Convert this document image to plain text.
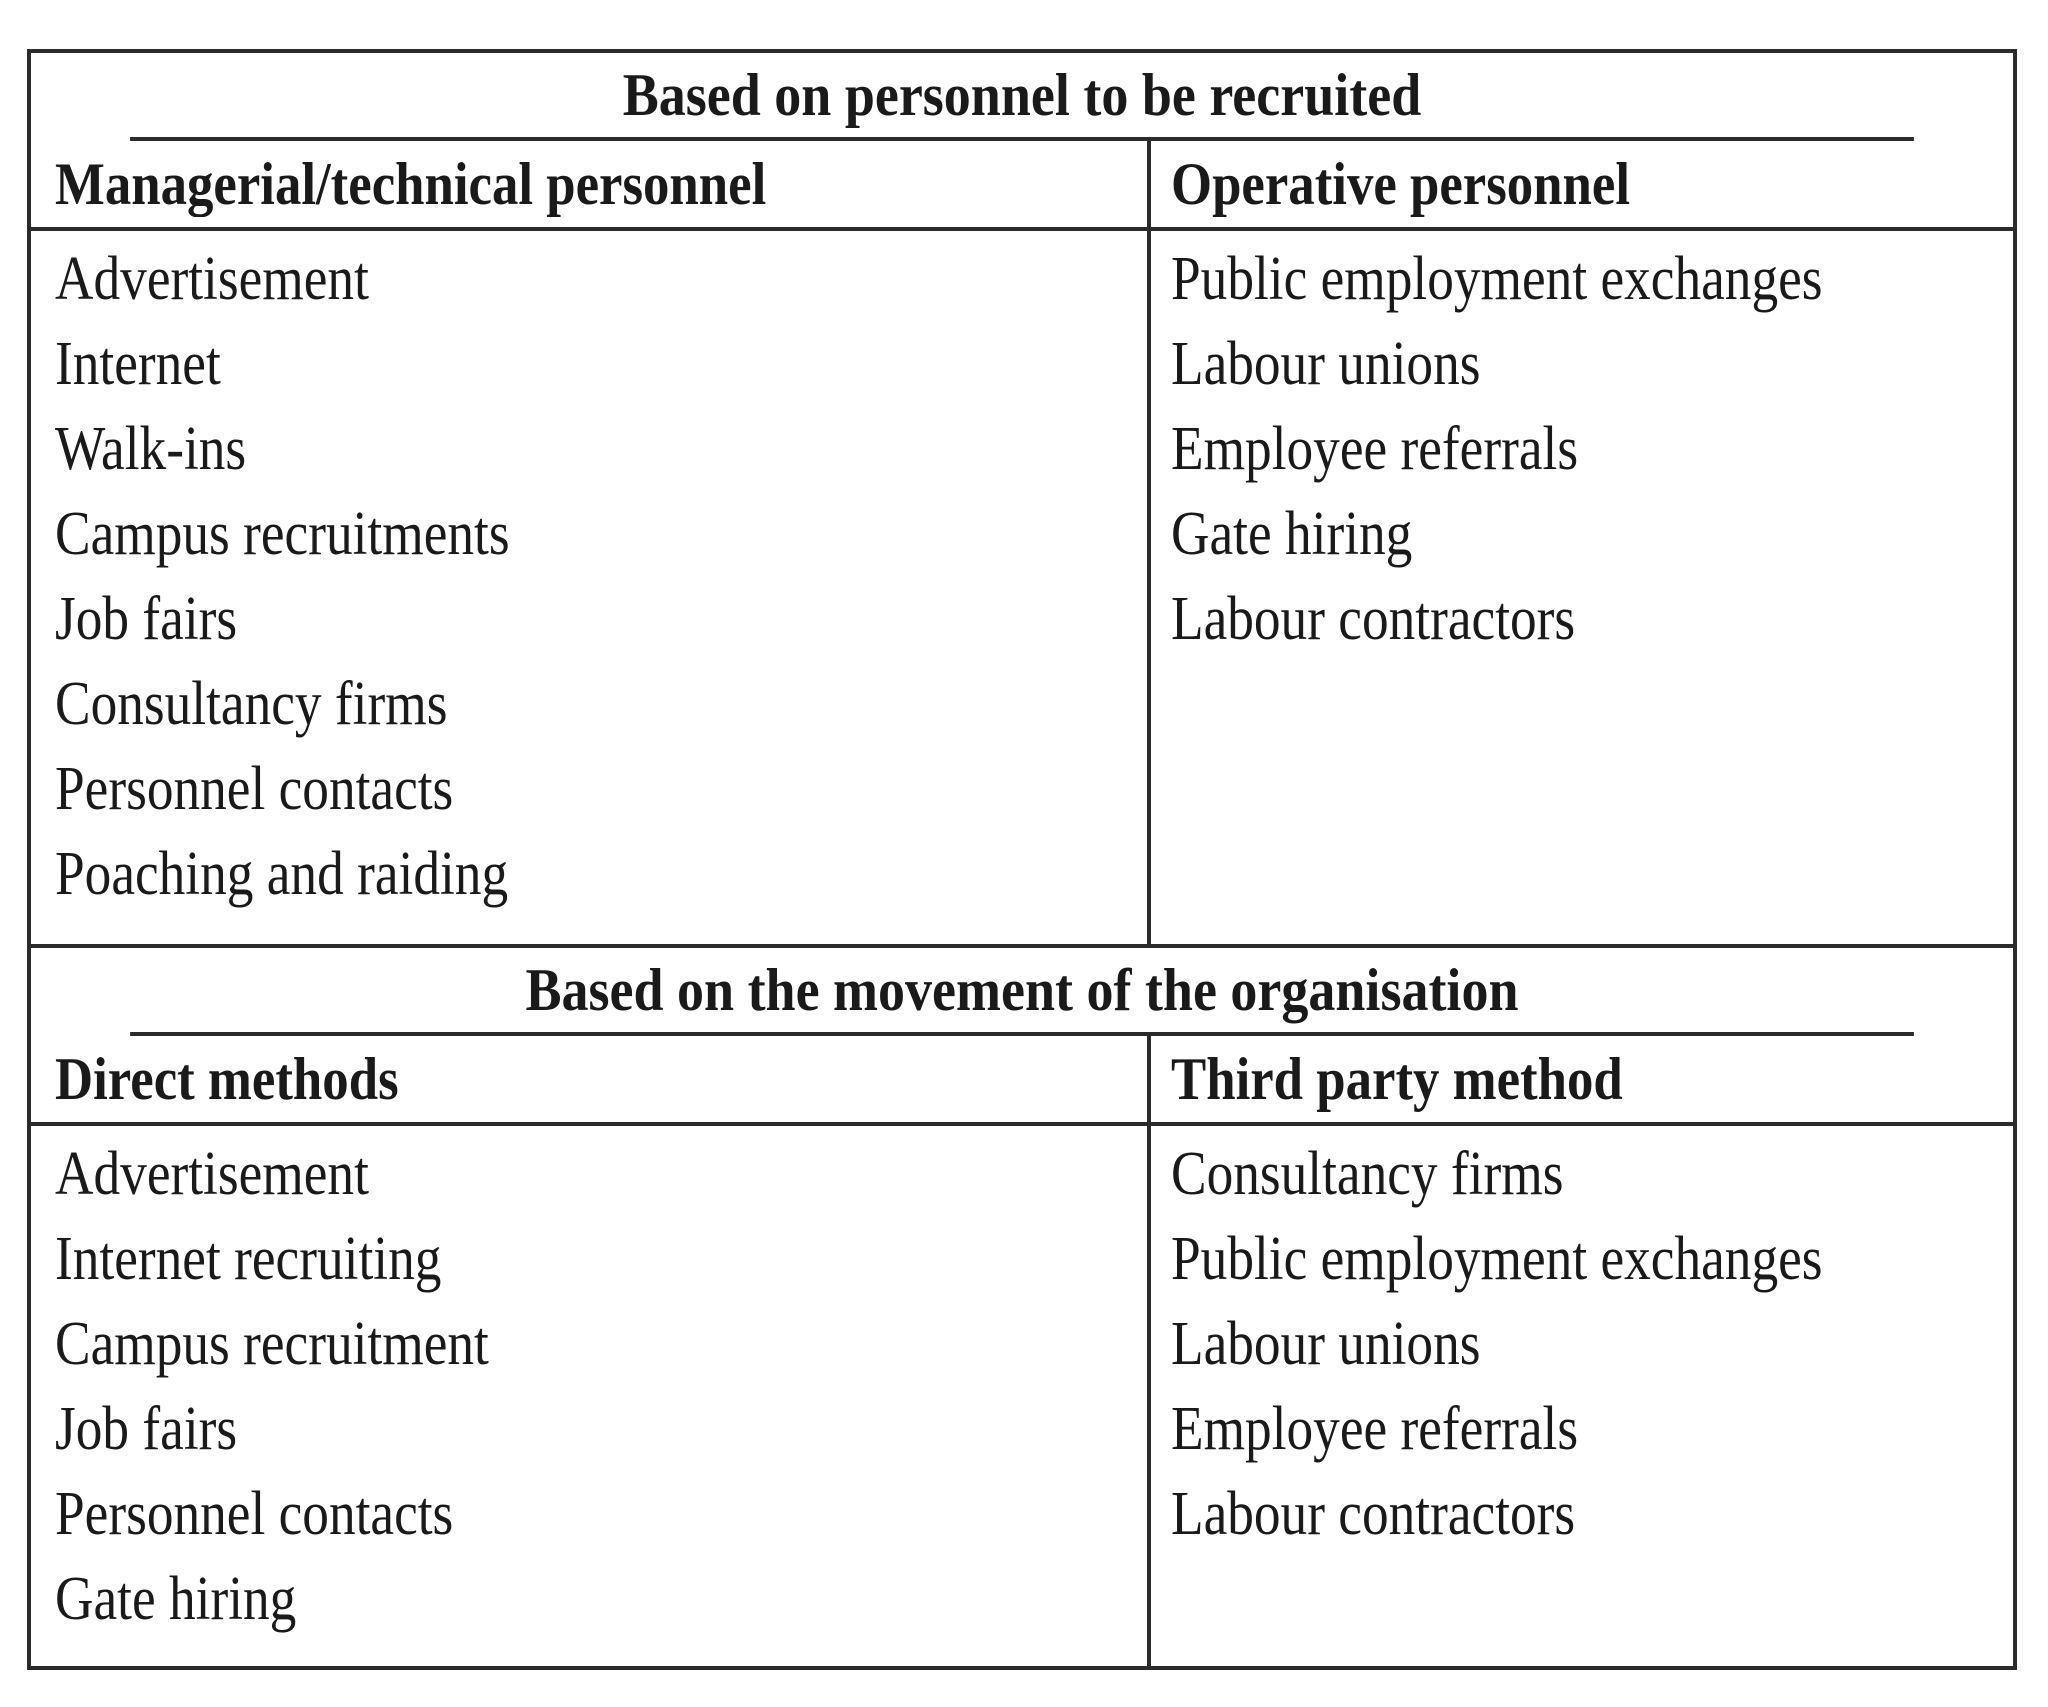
Based on personnel to be recruited
Managerial/technical personnel	Operative personnel
Advertisement
Internet
Walk-ins
Campus recruitments
Job fairs
Consultancy firms
Personnel contacts
Poaching and raiding
Public employment exchanges
Labour unions
Employee referrals
Gate hiring
Labour contractors
Based on the movement of the organisation
Direct methods	Third party method
Advertisement
Internet recruiting
Campus recruitment
Job fairs
Personnel contacts
Gate hiring
Consultancy firms
Public employment exchanges
Labour unions
Employee referrals
Labour contractors
